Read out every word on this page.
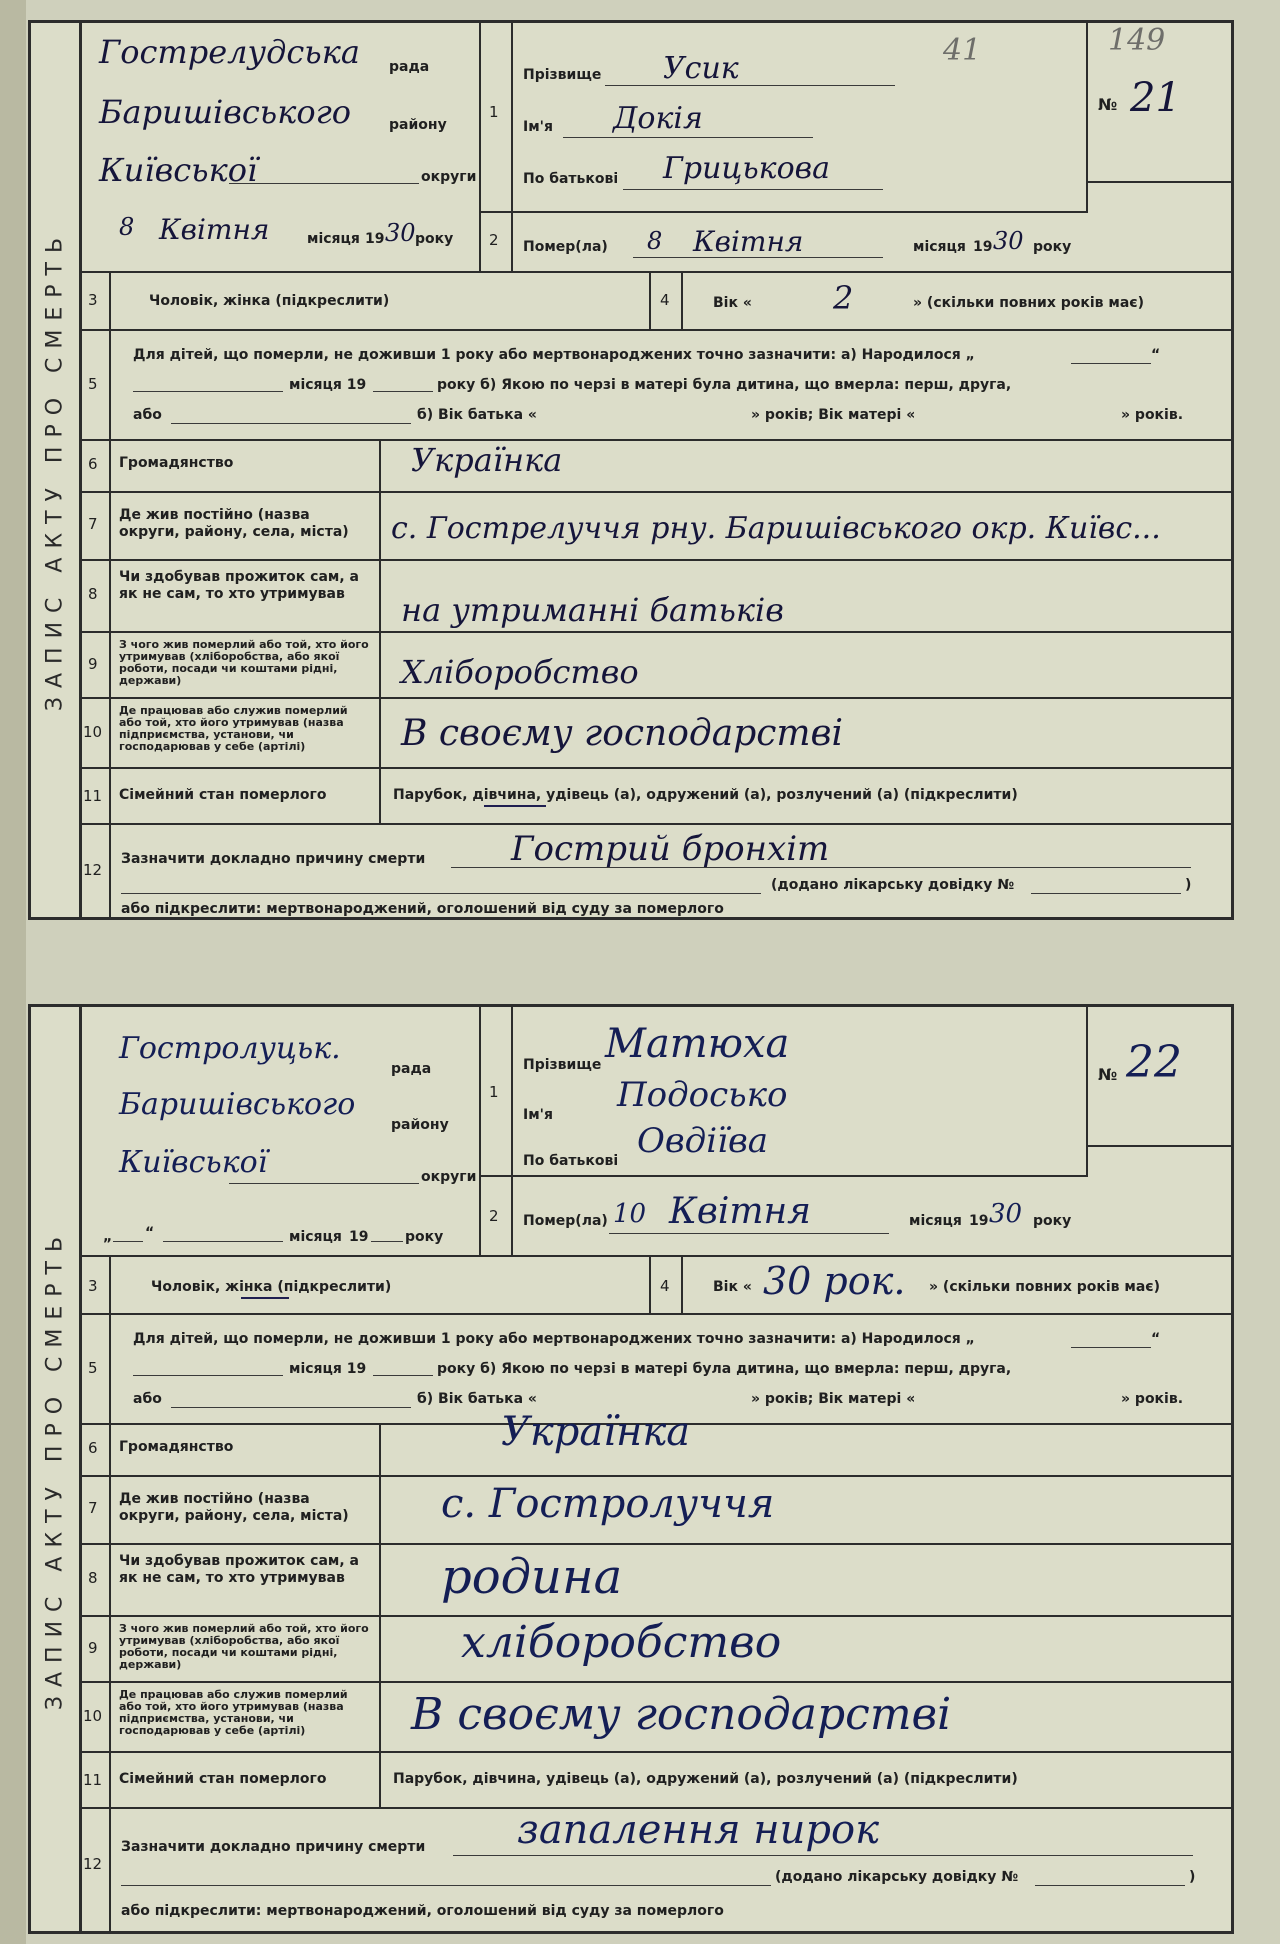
ЗАПИС АКТУ ПРО СМЕРТЬ
Гострелудська рада
Баришівського	району
Київської	округи
8 Квітня	місяця 19 30 року
1
Прізвище Усик
41
Ім'я Докія
По батькові Грицькова
149
№ 21
2 Помер(ла) 8 Квітня	місяця 19 30 року
3	Чоловік, жінка (підкреслити)	4	Вік «	2	» (скільки повних років має)
5
Для дітей, що померли, не доживши 1 року або мертвонароджених точно зазначити: а) Народилося „	“
місяця 19	року б) Якою по черзі в матері була дитина, що вмерла: перш, друга,
або	б) Вік батька «	» років; Вік матері «	» років.
6 Громадянство	Українка
7 Де жив постійно (назва округи, району, села, міста)	с. Гострелуччя рну. Баришівського окр. Київс...
8
Чи здобував прожиток сам, а як не сам, то хто утримував	на утриманні батьків
9
З чого жив померлий або той, хто його утримував (хліборобства, або якої роботи, посади чи коштами рідні, держави)	Хліборобство
10
Де працював або служив померлий або той, хто його утримував (назва підприємства, установи, чи господарював у себе (артілі)	В своєму господарстві
11 Сімейний стан померлого	Парубок, дівчина, удівець (а), одружений (а), розлучений (а) (підкреслити)
12
Зазначити докладно причину смерти	Гострий бронхіт
(додано лікарську довідку №	)
або підкреслити: мертвонароджений, оголошений від суду за померлого
ЗАПИС АКТУ ПРО СМЕРТЬ
Гостролуцьк.
рада
Баришівського
району
Київської	округи
„ “	місяця 19	року
1
Прізвище Матюха
Ім'я Подосько
По батькові Овдіїва
№ 22
2 Помер(ла) 10 Квітня	місяця 19 30 року
3	Чоловік, жінка (підкреслити)	4	Вік « 30 рок. » (скільки повних років має)
5
Для дітей, що померли, не доживши 1 року або мертвонароджених точно зазначити: а) Народилося „	“
місяця 19	року б) Якою по черзі в матері була дитина, що вмерла: перш, друга,
або	б) Вік батька «	» років; Вік матері «	» років.
6 Громадянство	Українка
7 Де жив постійно (назва округи, району, села, міста)	с. Гостролуччя
8
Чи здобував прожиток сам, а як не сам, то хто утримував	родина
9
З чого жив померлий або той, хто його утримував (хліборобства, або якої роботи, посади чи коштами рідні, держави)	хліборобство
10
Де працював або служив померлий або той, хто його утримував (назва підприємства, установи, чи господарював у себе (артілі)	В своєму господарстві
11 Сімейний стан померлого	Парубок, дівчина, удівець (а), одружений (а), розлучений (а) (підкреслити)
12
Зазначити докладно причину смерти запалення нирок
(додано лікарську довідку №	)
або підкреслити: мертвонароджений, оголошений від суду за померлого
